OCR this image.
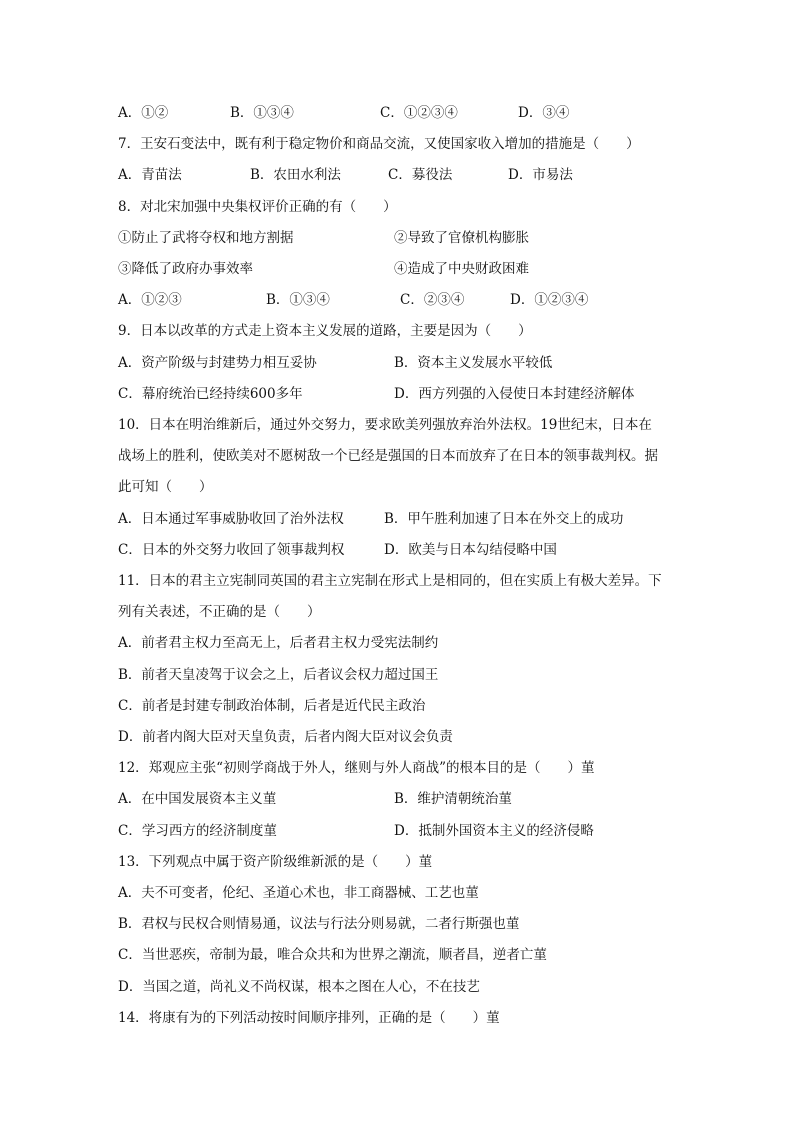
A．①②	B．①③④	C．①②③④	D．③④
7．王安石变法中，既有利于稳定物价和商品交流，又使国家收入增加的措施是（　　）
A．青苗法	B．农田水利法	C．募役法	D．市易法
8．对北宋加强中央集权评价正确的有（　　）
①防止了武将夺权和地方割据	②导致了官僚机构膨胀
③降低了政府办事效率	④造成了中央财政困难
A．①②③	B．①③④	C．②③④	D．①②③④
9．日本以改革的方式走上资本主义发展的道路，主要是因为（　　）
A．资产阶级与封建势力相互妥协	B．资本主义发展水平较低
C．幕府统治已经持续600多年	D．西方列强的入侵使日本封建经济解体
10．日本在明治维新后，通过外交努力，要求欧美列强放弃治外法权。19世纪末，日本在
战场上的胜利，使欧美对不愿树敌一个已经是强国的日本而放弃了在日本的领事裁判权。据
此可知（　　）
A．日本通过军事威胁收回了治外法权	B．甲午胜利加速了日本在外交上的成功
C．日本的外交努力收回了领事裁判权	D．欧美与日本勾结侵略中国
11．日本的君主立宪制同英国的君主立宪制在形式上是相同的，但在实质上有极大差异。下
列有关表述，不正确的是（　　）
A．前者君主权力至高无上，后者君主权力受宪法制约
B．前者天皇凌驾于议会之上，后者议会权力超过国王
C．前者是封建专制政治体制，后者是近代民主政治
D．前者内阁大臣对天皇负责，后者内阁大臣对议会负责
12．郑观应主张“初则学商战于外人，继则与外人商战”的根本目的是（　　）菫
A．在中国发展资本主义菫	B．维护清朝统治菫
C．学习西方的经济制度菫	D．抵制外国资本主义的经济侵略
13．下列观点中属于资产阶级维新派的是（　　）菫
A．夫不可变者，伦纪、圣道心术也，非工商器械、工艺也菫
B．君权与民权合则情易通，议法与行法分则易就，二者行斯强也菫
C．当世恶疾，帝制为最，唯合众共和为世界之潮流，顺者昌，逆者亡菫
D．当国之道，尚礼义不尚权谋，根本之图在人心，不在技艺
14．将康有为的下列活动按时间顺序排列，正确的是（　　）菫
